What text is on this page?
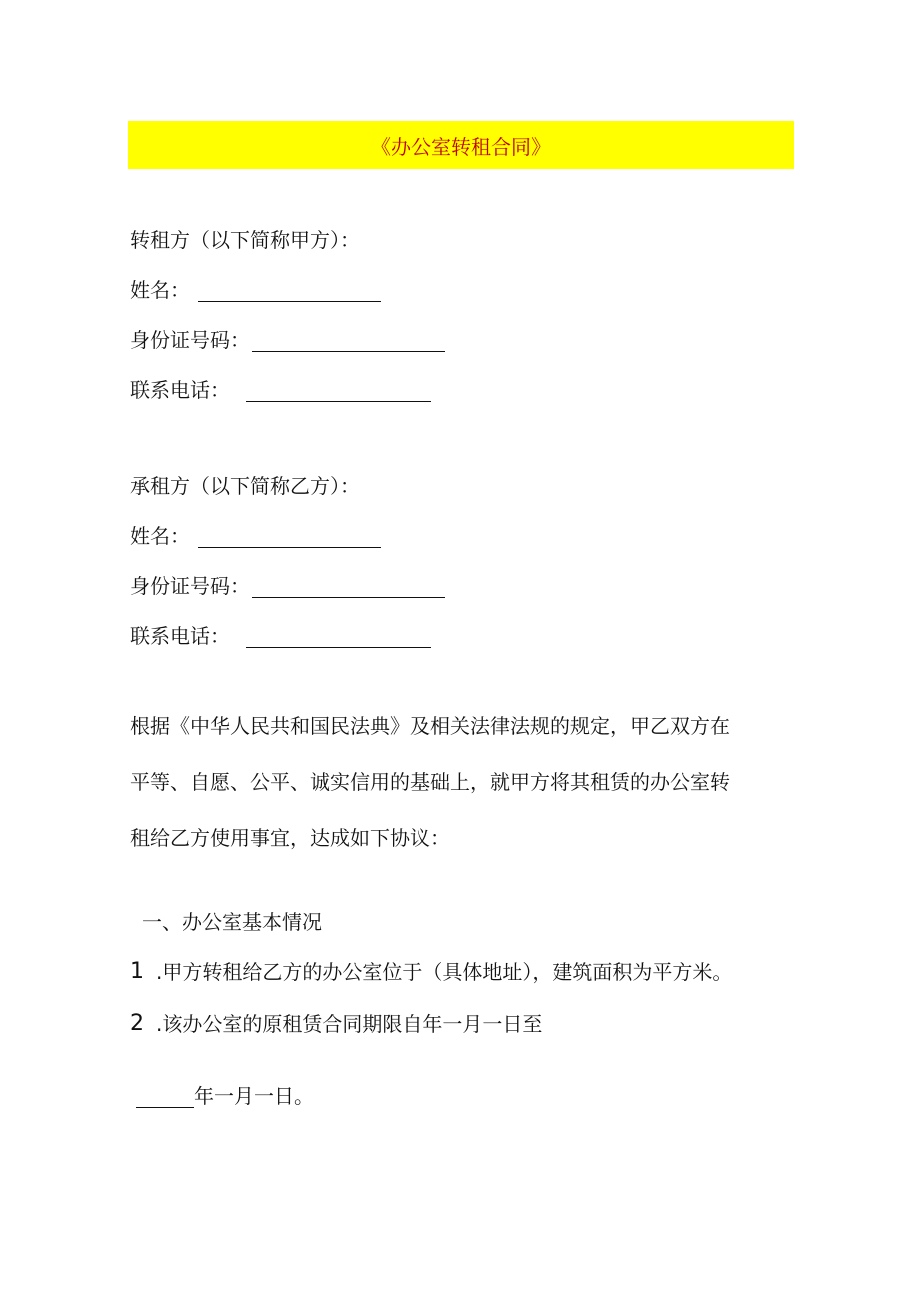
《办公室转租合同》
转租方（以下简称甲方）：
姓名：
身份证号码：
联系电话：
承租方（以下简称乙方）：
姓名：
身份证号码：
联系电话：
根据《中华人民共和国民法典》及相关法律法规的规定，甲乙双方在
平等、自愿、公平、诚实信用的基础上，就甲方将其租赁的办公室转
租给乙方使用事宜，达成如下协议：
一、办公室基本情况
1 .甲方转租给乙方的办公室位于（具体地址），建筑面积为平方米。
2 .该办公室的原租赁合同期限自年一月一日至
年一月一日。
